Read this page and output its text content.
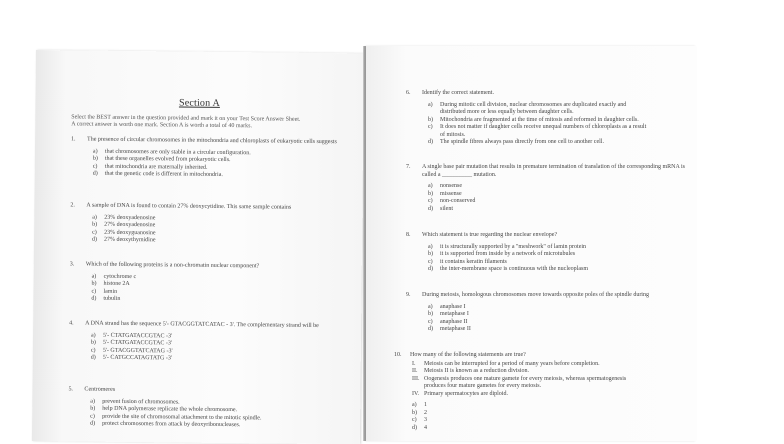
Section A
Select the BEST answer in the question provided and mark it on your Test Score Answer Sheet.
A correct answer is worth one mark. Section A is worth a total of 40 marks.
1.	The presence of circular chromosomes in the mitochondria and chloroplasts of eukaryotic cells suggests
a) that chromosomes are only stable in a circular configuration.
b) that these organelles evolved from prokaryotic cells.
c) that mitochondria are maternally inherited.
d) that the genetic code is different in mitochondria.
2.	A sample of DNA is found to contain 27% deoxycytidine. This same sample contains
a) 23% deoxyadenosine
b) 27% deoxyadenosine
c) 23% deoxyguanosine
d) 27% deoxythymidine
3.	Which of the following proteins is a non-chromatin nuclear component?
a) cytochrome c
b) histone 2A
c) lamin
d) tubulin
4.	A DNA strand has the sequence 5'- GTACGGTATCATAC - 3'. The complementary strand will be
a) 5'- CTATGATACCGTAC -3'
b) 5'- CTATGATACCGTAC -3'
c) 5'- GTACGGTATCATAG -3'
d) 5'- CATGCCATAGTATG -3'
5.	Centromeres
a) prevent fusion of chromosomes.
b) help DNA polymerase replicate the whole chromosome.
c) provide the site of chromosomal attachment to the mitotic spindle.
d) protect chromosomes from attack by deoxyribonucleases.
6.	Identify the correct statement.
a) During mitotic cell division, nuclear chromosomes are duplicated exactly and
distributed more or less equally between daughter cells.
b) Mitochondria are fragmented at the time of mitosis and reformed in daughter cells.
c) It does not matter if daughter cells receive unequal numbers of chloroplasts as a result
of mitosis.
d) The spindle fibres always pass directly from one cell to another cell.
7.	A single base pair mutation that results in premature termination of translation of the corresponding mRNA is called a __________ mutation.
a) nonsense
b) missense
c) non-conserved
d) silent
8.	Which statement is true regarding the nuclear envelope?
a) it is structurally supported by a "meshwork" of lamin protein
b) it is supported from inside by a network of microtubules
c) it contains keratin filaments
d) the inter-membrane space is continuous with the nucleoplasm
9.	During meiosis, homologous chromosomes move towards opposite poles of the spindle during
a) anaphase I
b) metaphase I
c) anaphase II
d) metaphase II
10.	How many of the following statements are true?
I. Meiosis can be interrupted for a period of many years before completion.
II. Meiosis II is known as a reduction division.
III. Oogenesis produces one mature gamete for every meiosis, whereas spermatogenesis
produces four mature gametes for every meiosis.
IV. Primary spermatocytes are diploid.
a) 1
b) 2
c) 3
d) 4
